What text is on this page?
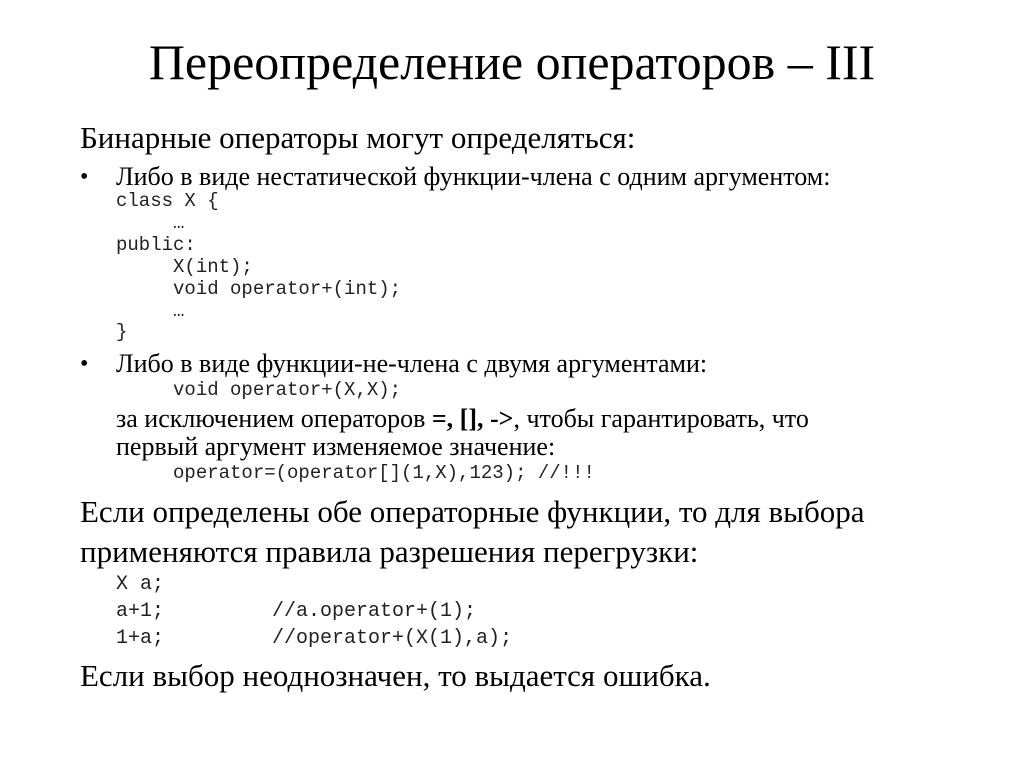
Переопределение операторов – III
Бинарные операторы могут определяться:
• Либо в виде нестатической функции-члена с одним аргументом:
class X {
…
public:
X(int);
void operator+(int);
…
}
• Либо в виде функции-не-члена с двумя аргументами:
void operator+(X,X);
за исключением операторов =, [], ->, чтобы гарантировать, что
первый аргумент изменяемое значение:
operator=(operator[](1,X),123); //!!!
Если определены обе операторные функции, то для выбора
применяются правила разрешения перегрузки:
X a;
a+1;         //a.operator+(1);
1+a;         //operator+(X(1),a);
Если выбор неоднозначен, то выдается ошибка.
